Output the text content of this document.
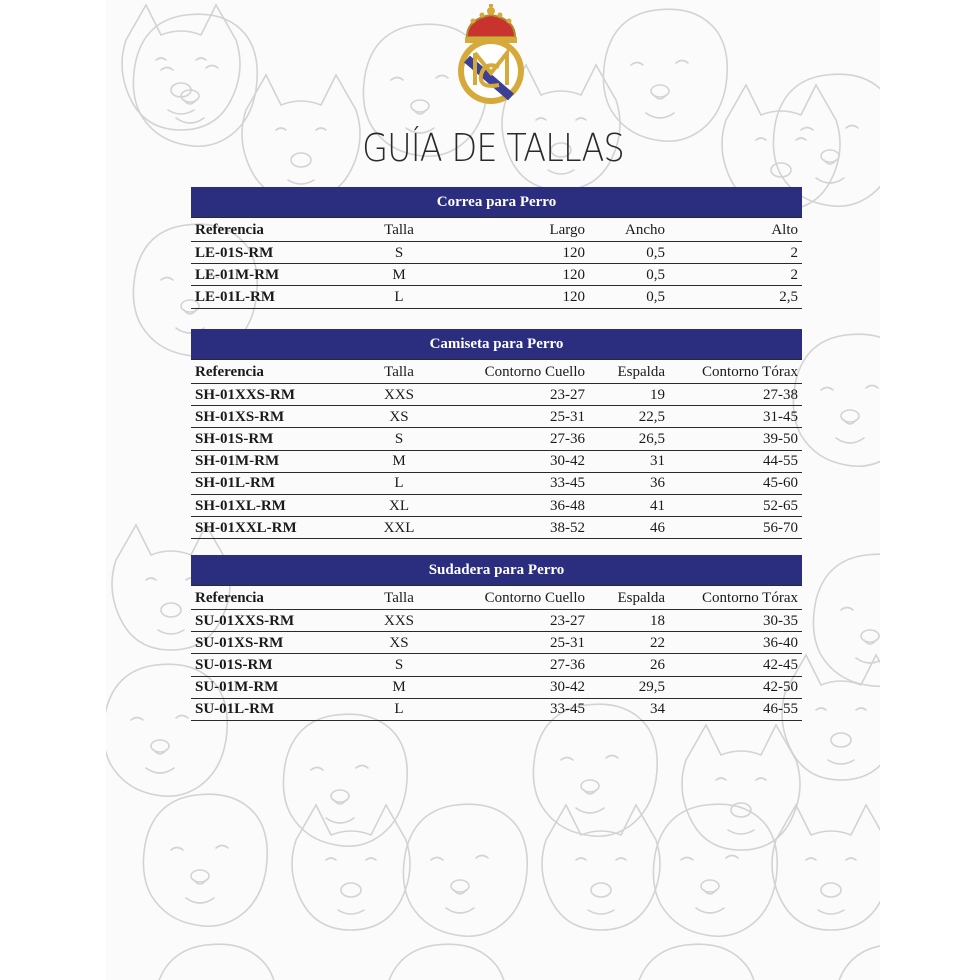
GUÍA DE TALLAS
Correa para Perro
Referencia	Talla	Largo	Ancho	Alto
LE-01S-RM	S	120	0,5	2
LE-01M-RM	M	120	0,5	2
LE-01L-RM	L	120	0,5	2,5
Camiseta para Perro
Referencia	Talla	Contorno Cuello	Espalda	Contorno Tórax
SH-01XXS-RM	XXS	23-27	19	27-38
SH-01XS-RM	XS	25-31	22,5	31-45
SH-01S-RM	S	27-36	26,5	39-50
SH-01M-RM	M	30-42	31	44-55
SH-01L-RM	L	33-45	36	45-60
SH-01XL-RM	XL	36-48	41	52-65
SH-01XXL-RM	XXL	38-52	46	56-70
Sudadera para Perro
Referencia	Talla	Contorno Cuello	Espalda	Contorno Tórax
SU-01XXS-RM	XXS	23-27	18	30-35
SU-01XS-RM	XS	25-31	22	36-40
SU-01S-RM	S	27-36	26	42-45
SU-01M-RM	M	30-42	29,5	42-50
SU-01L-RM	L	33-45	34	46-55
